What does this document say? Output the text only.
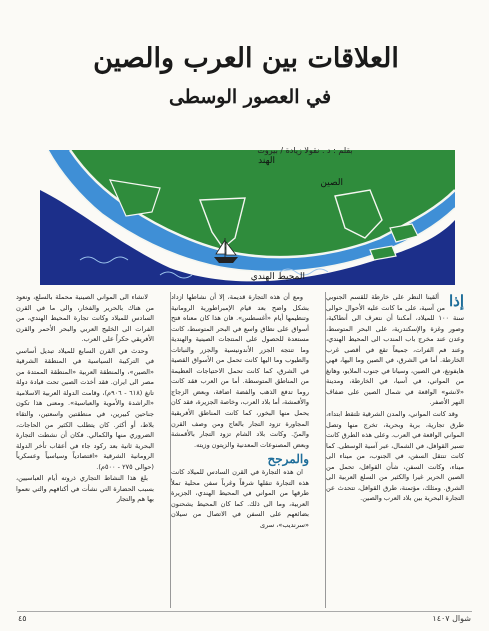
العلاقات بين العرب والصين
في العصور الوسطى
الهند
الصين
المحيط الهندي
بقلم : د . نقولا زيادة / بيروت
إذا

ألقينا النظر على خارطة للقسم الجنوبي من آسية، على ما كانت عليه الأحوال حوالى سنة ١٠٠ للميلاد، أمكننا أن نتعرف الى أنطاكية، وصور وغزة والإسكندرية، على البحر المتوسط، وعدن عند مخرج باب المندب الى المحيط الهندي، وعند فم الفرات، جميعاً تقع في أقصى غرب الخارطة. أما في الشرق، في الصين وما اليها، فهي هايفونغ، في الصين، وسيانا في جنوب الملايو، وهانغ من المواني، في آسيا، في الخارطة، ومدينة «لانشو» الواقعة في شمال الصين على ضفاف النهر الأصفر.

وقد كانت المواني، والمدن الشرقية تلتقط ابتداء، طرق تجارية، برية وبحرية، تخرج منها وتصل المواني الواقعة في العرب. وعلى هذه الطرق كانت تسير القوافل، في الشمال، عبر آسية الوسطى. كما كانت تنتقل السفن، في الجنوب، من ميناء الى ميناء، وكانت السفن، شأن القوافل، تحمل من الصين الحرير غيرا والكثير من السلع العربية الى الشرق. ومثلك، مؤتمنة، طرق القوافل، تتحدث عن التجارة البحرية بين بلاد العرب والصين.

ومع أن هذه التجارة قديمة، إلا أن نشاطها ازداد بشكل واضح بعد قيام الإمبراطورية الرومانية وتنظيمها أيام «أغسطس». فان هذا كان معناه فتح أسواق على نطاق واسع في البحر المتوسط، كانت مستعدة للحصول على المنتجات الصينية والهندية وما تنتجه الجزر الأندونيسية والجزر والنباتات والطيوب وما اليها كانت تحمل من الأسواق القصية في الشرق، كما كانت تحمل الاحتياجات العظيمة من المناطق المتوسطة. أما من العرب فقد كانت روما تدفع الذهب والفضة اضافة، وبعض الزجاج والأقمشة، أما بلاد العرب، وخاصة الجزيرة، فقد كان يحمل منها البخور، كما كانت المناطق الأفريقية المجاورة تزود التجار بالعاج ومن وصف القرن والمنّ. وكانت بلاد الشام تزود التجار بالأقمشة وبعض المصنوعات المعدنية والزيتون وزيته.

والمرجح

ان هذه التجارة في القرن السادس للميلاد كانت هذه التجارة تنقلها شرقاً وغرباً سفن محلية تملأ طرقها من المواني في المحيط الهندي، الجزيرة العربية، وما الى ذلك. كما كان المحيط يشحنون بضائعهم على السفن في الاتصال من سيلان «سرنديب»، سرى

لانشاء الى المواني الصينية محملة بالسلع، ونعود من هناك بالحرير والفخار، والى ما في القرن السادس للميلاد وكانت تجارة المحيط الهندي، من الفرات الى الخليج العربي والبحر الأحمر والقرن الأفريقي حكراً على العرب.

وحدث في القرن السابع للميلاد تبديل أساسي في التركيبة السياسية في المنطقة الشرقية «الصين»، والمنطقة العربية «المنطقة الممتدة من مصر الى ايران. فقد أخذت الصين تحت قيادة دولة تانغ (٦١٨ - ٩٠٦م)، وقامت الدولة العربية الاسلامية «الراشدة والأموية والعباسية». ومعنى هذا تكون جناحين كبيرين، في منطقتين واسعتين، والتقاء بلاط، أو أكثر. كان يتطلب الكثير من الحاجات، الضروري منها والكمالي. فكان أن نشطت التجارة البحرية ثانية بعد ركود جاء في أعقاب تأخر الدولة الرومانية الشرقية «اقتصادياً وسياسياً وعسكرياً (حوالى ٢٧٥ - ٥٠٠م).

بلغ هذا النشاط التجاري ذروته أيام العباسيين، بسبب الحضارة التي نشأت في أكنافهم والتي نعموا بها هم والتجار

٤٥	شوال ١٤٠٧
